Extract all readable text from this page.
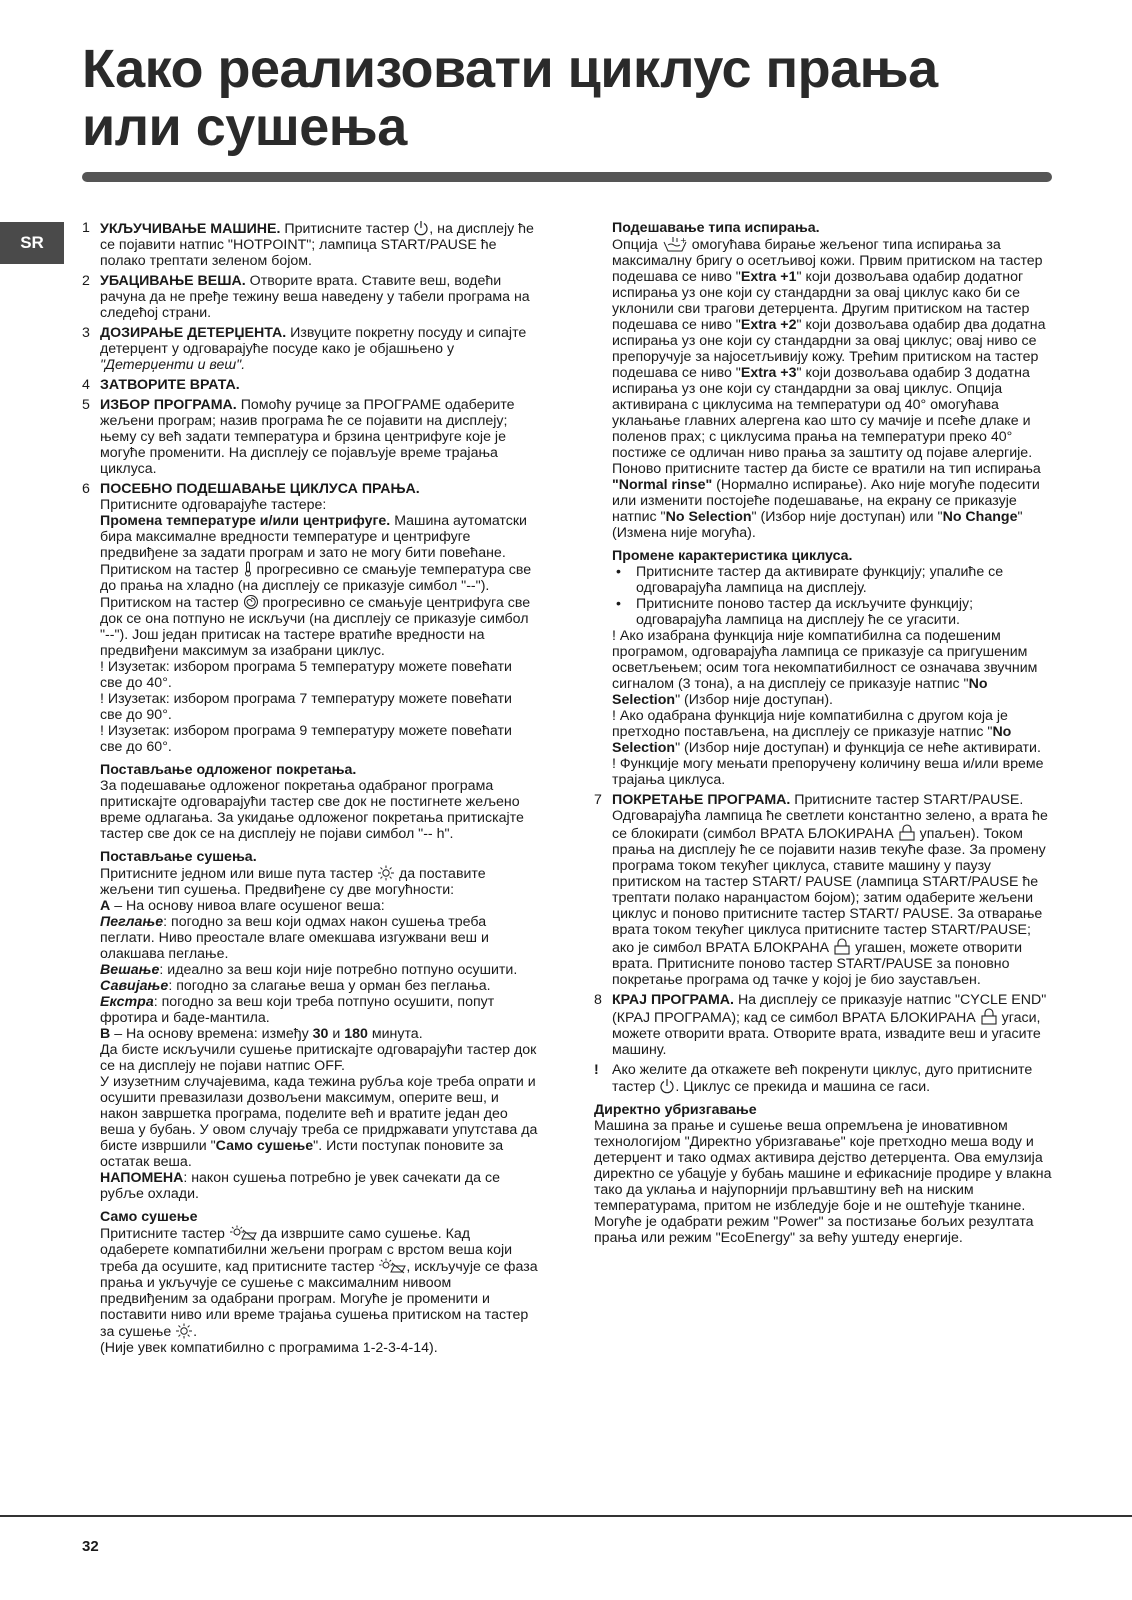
Како реализовати циклус прања или сушења
SR
1 УКЉУЧИВАЊЕ МАШИНЕ. Притисните тастер , на дисплеју ће се појавити натпис "HOTPOINT"; лампица START/PAUSE ће полако трептати зеленом бојом.
2 УБАЦИВАЊЕ ВЕША. Отворите врата. Ставите веш, водећи рачуна да не пређе тежину веша наведену у табели програма на следећој страни.
3 ДОЗИРАЊЕ ДЕТЕРЏЕНТА. Извуците покретну посуду и сипајте детерџент у одговарајуће посуде како је објашњено у "Детерџенти и веш".
4 ЗАТВОРИТЕ ВРАТА.
5 ИЗБОР ПРОГРАМА. Помоћу ручице за ПРОГРАМЕ одаберите жељени програм; назив програма ће се појавити на дисплеју; њему су већ задати температура и брзина центрифуге које је могуће променити. На дисплеју се појављује време трајања циклуса.
6 ПОСЕБНО ПОДЕШАВАЊЕ ЦИКЛУСА ПРАЊА.

Притисните одговарајуће тастере:

Промена температуре и/или центрифуге. Машина аутоматски бира максималне вредности температуре и центрифуге предвиђене за задати програм и зато не могу бити повећане. Притиском на тастер прогресивно се смањује температура све до прања на хладно (на дисплеју се приказује симбол "--"). Притиском на тастер прогресивно се смањује центрифуга све док се она потпуно не искључи (на дисплеју се приказује симбол "--"). Још један притисак на тастере вратиће вредности на предвиђени максимум за изабрани циклус.

! Изузетак: избором програма 5 температуру можете повећати све до 40°.

! Изузетак: избором програма 7 температуру можете повећати све до 90°.

! Изузетак: избором програма 9 температуру можете повећати све до 60°.

Постављање одложеног покретања.

За подешавање одложеног покретања одабраног програма притискајте одговарајући тастер све док не постигнете жељено време одлагања. За укидање одложеног покретања притискајте тастер све док се на дисплеју не појави симбол "-- h".

Постављање сушења.

Притисните једном или више пута тастер да поставите жељени тип сушења. Предвиђене су две могућности:

А – На основу нивоа влаге осушеног веша:

Пеглање: погодно за веш који одмах након сушења треба пеглати. Ниво преостале влаге омекшава изгужвани веш и олакшава пеглање.

Вешање: идеално за веш који није потребно потпуно осушити.

Савијање: погодно за слагање веша у орман без пеглања.

Екстра: погодно за веш који треба потпуно осушити, попут фротира и баде-мантила.

B – На основу времена: између 30 и 180 минута.

Да бисте искључили сушење притискајте одговарајући тастер док се на дисплеју не појави натпис OFF.

У изузетним случајевима, када тежина рубља које треба опрати и осушити превазилази дозвољени максимум, оперите веш, и након завршетка програма, поделите већ и вратите један део веша у бубањ. У овом случају треба се придржавати упутстава да бисте извршили "Само сушење". Исти поступак поновите за остатак веша.

НАПОМЕНА: након сушења потребно је увек сачекати да се рубље охлади.

Само сушење

Притисните тастер	да извршите само сушење. Кад одаберете компатибилни жељени програм с врстом веша који треба да осушите, кад притисните тастер , искључује се фаза прања и укључује се сушење с максималним нивоом предвиђеним за одабрани програм. Могуће је променити и поставити ниво или време трајања сушења притиском на тастер за сушење .

(Није увек компатибилно с програмима 1-2-3-4-14).

Подешавање типа испирања.

Опција	+ омогућава бирање жељеног типа испирања за максималну бригу о осетљивој кожи. Првим притиском на тастер подешава се ниво "Extra +1" који дозвољава одабир додатног испирања уз оне који су стандардни за овај циклус како би се уклонили сви трагови детерџента. Другим притиском на тастер подешава се ниво "Extra +2" који дозвољава одабир два додатна испирања уз оне који су стандардни за овај циклус; овај ниво се препоручује за најосетљивију кожу. Трећим притиском на тастер подешава се ниво "Extra +3" који дозвољава одабир 3 додатна испирања уз оне који су стандардни за овај циклус. Опција активирана с циклусима на температури од 40° омогућава уклањање главних алергена као што су мачије и псеће длаке и поленов прах; с циклусима прања на температури преко 40° постиже се одличан ниво прања за заштиту од појаве алергије. Поново притисните тастер да бисте се вратили на тип испирања "Normal rinse" (Нормално испирање). Ако није могуће подесити или изменити постојеће подешавање, на екрану се приказује натпис "No Selection" (Избор није доступан) или "No Change" (Измена није могућа).

Промене карактеристика циклуса.

•	Притисните тастер да активирате функцију; упалиће се одговарајућа лампица на дисплеју.
•	Притисните поново тастер да искључите функцију; одговарајућа лампица на дисплеју ће се угасити.

! Ако изабрана функција није компатибилна са подешеним програмом, одговарајућа лампица се приказује са пригушеним осветљењем; осим тога некомпатибилност се означава звучним сигналом (3 тона), а на дисплеју се приказује натпис "No Selection" (Избор није доступан).

! Ако одабрана функција није компатибилна с другом која је претходно постављена, на дисплеју се приказује натпис "No Selection" (Избор није доступан) и функција се неће активирати.

! Функције могу мењати препоручену количину веша и/или време трајања циклуса.

7 ПОКРЕТАЊЕ ПРОГРАМА. Притисните тастер START/PAUSE. Одговарајућа лампица ће светлети константно зелено, а врата ће се блокирати (симбол ВРАТА БЛОКИРАНА упаљен). Током прања на дисплеју ће се појавити назив текуће фазе. За промену програма током текућег циклуса, ставите машину у паузу притиском на тастер START/ PAUSE (лампица START/PAUSE ће трептати полако наранџастом бојом); затим одаберите жељени циклус и поново притисните тастер START/ PAUSE. За отварање врата током текућег циклуса притисните тастер START/PAUSE; ако је симбол ВРАТА БЛОКРАНА угашен, можете отворити врата. Притисните поново тастер START/PAUSE за поновно покретање програма од тачке у којој је био заустављен.
8 КРАЈ ПРОГРАМА. На дисплеју се приказује натпис "CYCLE END" (КРАЈ ПРОГРАМА); кад се симбол ВРАТА БЛОКИРАНА угаси, можете отворити врата. Отворите врата, извадите веш и угасите машину.
! Ако желите да откажете већ покренути циклус, дуго притисните тастер . Циклус се прекида и машина се гаси.

Директно убризгавање

Машина за прање и сушење веша опремљена је иновативном технологијом "Директно убризгавање" које претходно меша воду и детерџент и тако одмах активира дејство детерџента. Ова емулзија директно се убацује у бубањ машине и ефикасније продире у влакна тако да уклања и најупорнији прљавштину већ на ниским температурама, притом не избледује боје и не оштећује тканине. Могуће је одабрати режим "Power" за постизање бољих резултата прања или режим "EcoEnergy" за већу уштеду енергије.

32
